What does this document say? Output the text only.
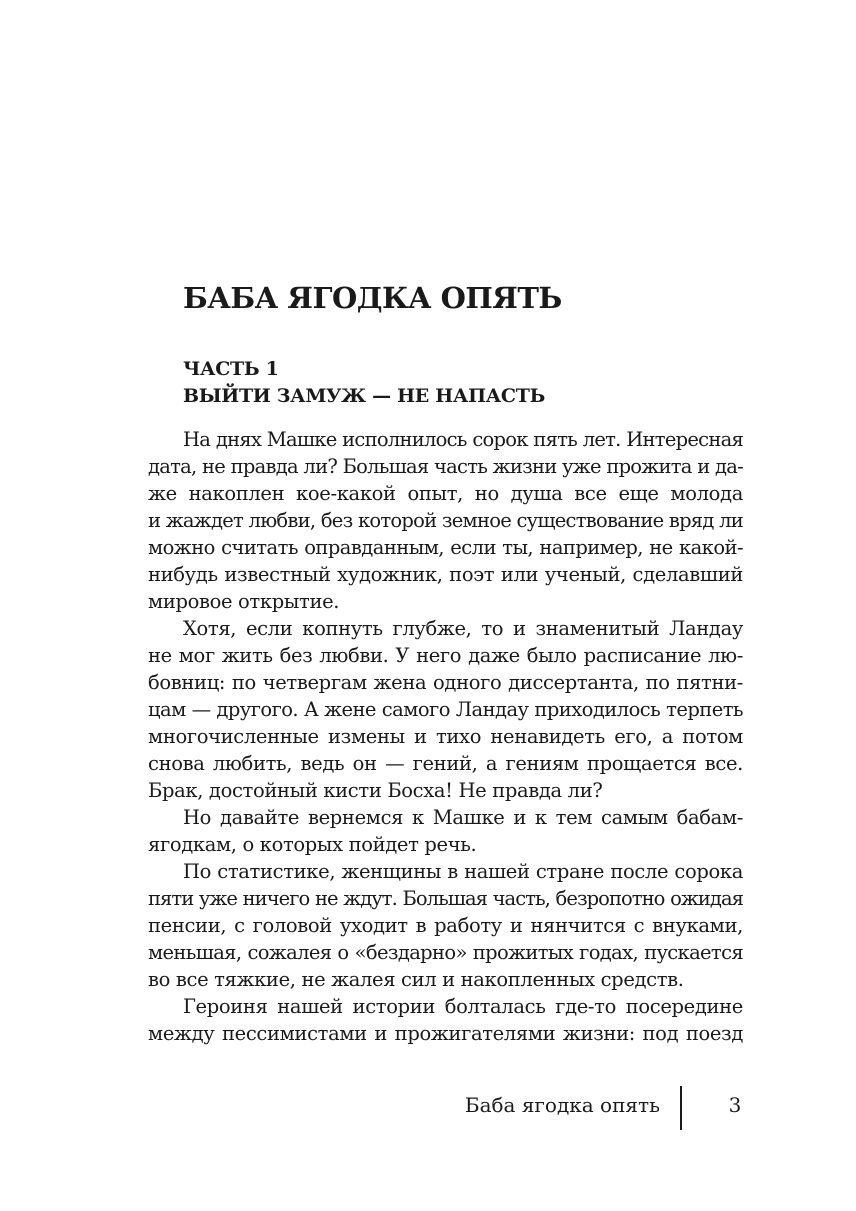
БАБА ЯГОДКА ОПЯТЬ
ЧАСТЬ 1
ВЫЙТИ ЗАМУЖ — НЕ НАПАСТЬ
На днях Машке исполнилось сорок пять лет. Интересная
дата, не правда ли? Большая часть жизни уже прожита и да-
же накоплен кое-какой опыт, но душа все еще молода
и жаждет любви, без которой земное существование вряд ли
можно считать оправданным, если ты, например, не какой-
нибудь известный художник, поэт или ученый, сделавший
мировое открытие.
Хотя, если копнуть глубже, то и знаменитый Ландау
не мог жить без любви. У него даже было расписание лю-
бовниц: по четвергам жена одного диссертанта, по пятни-
цам — другого. А жене самого Ландау приходилось терпеть
многочисленные измены и тихо ненавидеть его, а потом
снова любить, ведь он — гений, а гениям прощается все.
Брак, достойный кисти Босха! Не правда ли?
Но давайте вернемся к Машке и к тем самым бабам-
ягодкам, о которых пойдет речь.
По статистике, женщины в нашей стране после сорока
пяти уже ничего не ждут. Большая часть, безропотно ожидая
пенсии, с головой уходит в работу и нянчится с внуками,
меньшая, сожалея о «бездарно» прожитых годах, пускается
во все тяжкие, не жалея сил и накопленных средств.
Героиня нашей истории болталась где-то посередине
между пессимистами и прожигателями жизни: под поезд
Баба ягодка опять	3
